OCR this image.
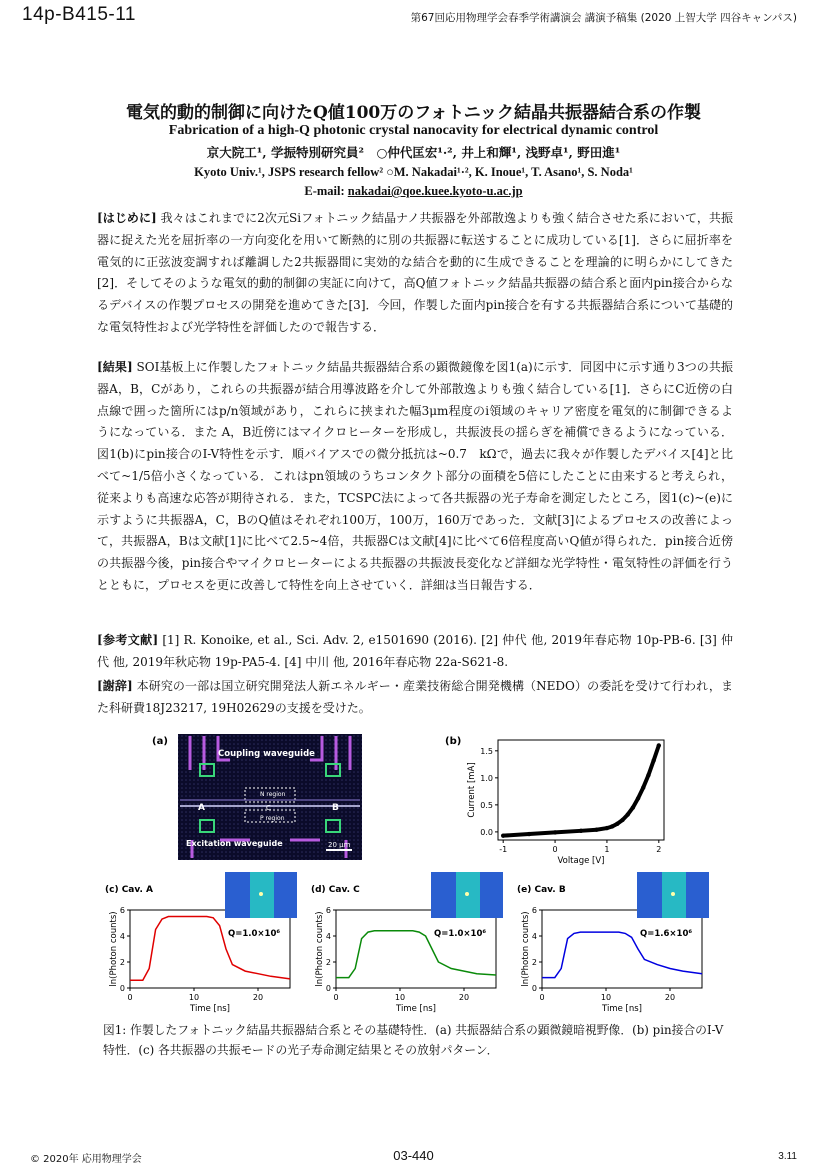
14p-B415-11	第67回応用物理学会春季学術講演会 講演予稿集 (2020 上智大学 四谷キャンパス)
電気的動的制御に向けたQ値100万のフォトニック結晶共振器結合系の作製
Fabrication of a high-Q photonic crystal nanocavity for electrical dynamic control
京大院工¹, 学振特別研究員²　○仲代匡宏¹·², 井上和輝¹, 浅野卓¹, 野田進¹
Kyoto Univ.¹, JSPS research fellow² ○M. Nakadai¹·², K. Inoue¹, T. Asano¹, S. Noda¹
E-mail: nakadai@qoe.kuee.kyoto-u.ac.jp
[はじめに] 我々はこれまでに2次元Siフォトニック結晶ナノ共振器を外部散逸よりも強く結合させた系において，共振器に捉えた光を屈折率の一方向変化を用いて断熱的に別の共振器に転送することに成功している[1]．さらに屈折率を電気的に正弦波変調すれば離調した2共振器間に実効的な結合を動的に生成できることを理論的に明らかにしてきた[2]．そしてそのような電気的動的制御の実証に向けて，高Q値フォトニック結晶共振器の結合系と面内pin接合からなるデバイスの作製プロセスの開発を進めてきた[3]．今回，作製した面内pin接合を有する共振器結合系について基礎的な電気特性および光学特性を評価したので報告する．
[結果] SOI基板上に作製したフォトニック結晶共振器結合系の顕微鏡像を図1(a)に示す．同図中に示す通り3つの共振器A，B，Cがあり，これらの共振器が結合用導波路を介して外部散逸よりも強く結合している[1]．さらにC近傍の白点線で囲った箇所にはp/n領域があり，これらに挟まれた幅3μm程度のi領域のキャリア密度を電気的に制御できるようになっている．また A，B近傍にはマイクロヒーターを形成し，共振波長の揺らぎを補償できるようになっている．図1(b)にpin接合のI-V特性を示す．順バイアスでの微分抵抗は~0.7　kΩで，過去に我々が作製したデバイス[4]と比べて~1/5倍小さくなっている．これはpn領域のうちコンタクト部分の面積を5倍にしたことに由来すると考えられ，従来よりも高速な応答が期待される．また，TCSPC法によって各共振器の光子寿命を測定したところ，図1(c)~(e)に示すように共振器A，C，BのQ値はそれぞれ100万，100万，160万であった．文献[3]によるプロセスの改善によって，共振器A，Bは文献[1]に比べて2.5~4倍，共振器Cは文献[4]に比べて6倍程度高いQ値が得られた．pin接合近傍の共振器今後，pin接合やマイクロヒーターによる共振器の共振波長変化など詳細な光学特性・電気特性の評価を行うとともに，プロセスを更に改善して特性を向上させていく．詳細は当日報告する．
[参考文献] [1] R. Konoike, et al., Sci. Adv. 2, e1501690 (2016). [2] 仲代 他, 2019年春応物 10p-PB-6. [3] 仲代 他, 2019年秋応物 19p-PA5-4. [4] 中川 他, 2016年春応物 22a-S621-8.
[謝辞] 本研究の一部は国立研究開発法人新エネルギー・産業技術総合開発機構（NEDO）の委託を受けて行われ，また科研費18J23217, 19H02629の支援を受けた。
(a)
Coupling waveguide
Excitation waveguide
N region
P region
A	B
C
20 μm
(b)
-1	0	1	2
0.0
0.5
1.0
1.5
Voltage [V]
Current [mA]
0	10	20
0
2
4
6
Time [ns]
ln(Photon counts)
(c) Cav. A
Q=1.0×10⁶
0	10	20
0
2
4
6
Time [ns]
ln(Photon counts)
(d) Cav. C
Q=1.0×10⁶
0	10	20
0
2
4
6
Time [ns]
ln(Photon counts)
(e) Cav. B
Q=1.6×10⁶
図1: 作製したフォトニック結晶共振器結合系とその基礎特性．(a) 共振器結合系の顕微鏡暗視野像．(b) pin接合のI-V特性．(c) 各共振器の共振モードの光子寿命測定結果とその放射パターン．
© 2020年 応用物理学会	03-440	3.11
